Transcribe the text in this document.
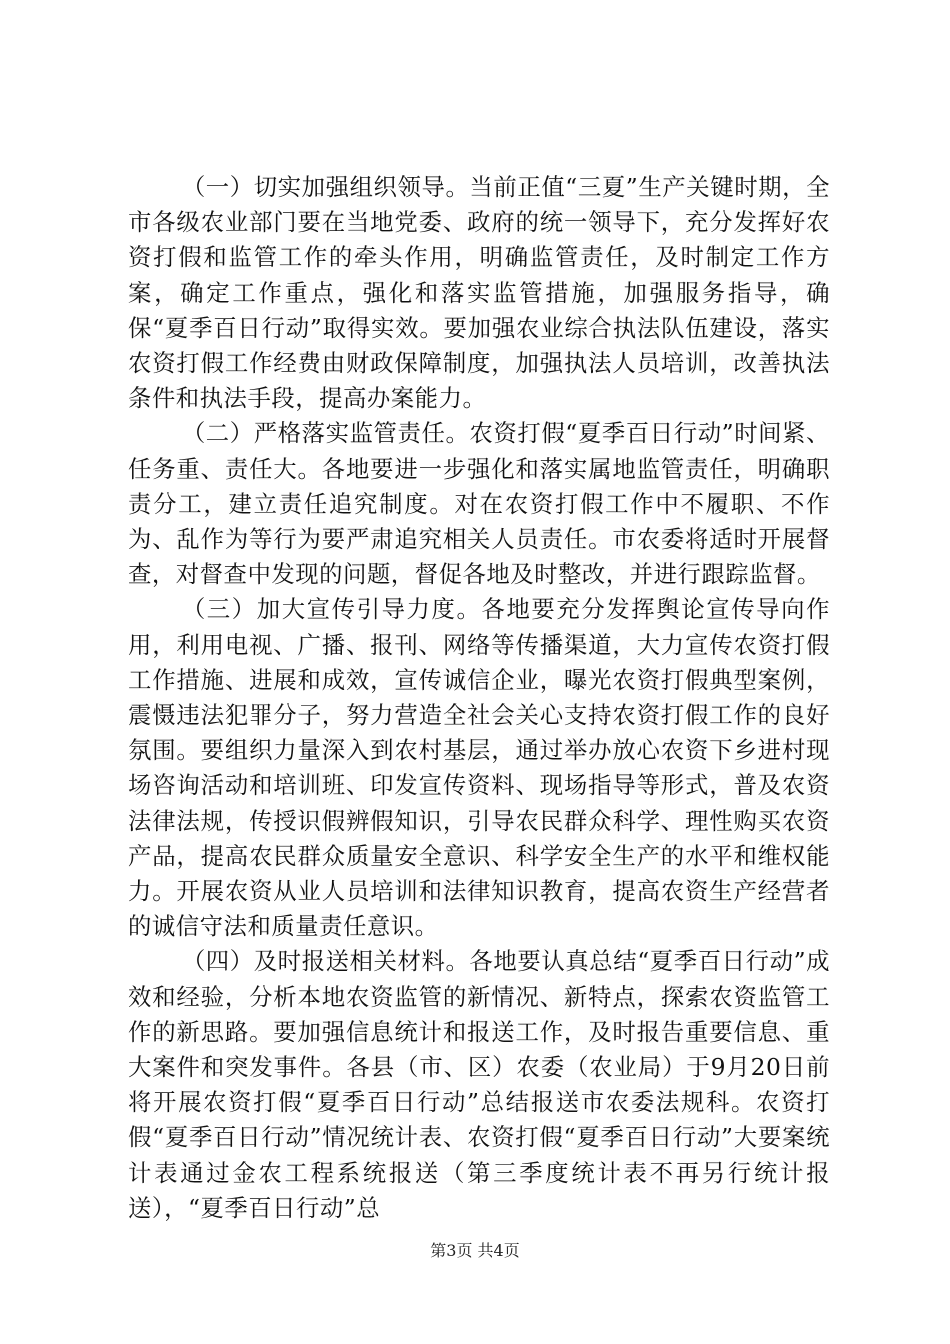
（一）切实加强组织领导。当前正值“三夏”生产关键时期，全市各级农业部门要在当地党委、政府的统一领导下，充分发挥好农资打假和监管工作的牵头作用，明确监管责任，及时制定工作方案，确定工作重点，强化和落实监管措施，加强服务指导，确保“夏季百日行动”取得实效。要加强农业综合执法队伍建设，落实农资打假工作经费由财政保障制度，加强执法人员培训，改善执法条件和执法手段，提高办案能力。

（二）严格落实监管责任。农资打假“夏季百日行动”时间紧、任务重、责任大。各地要进一步强化和落实属地监管责任，明确职责分工，建立责任追究制度。对在农资打假工作中不履职、不作为、乱作为等行为要严肃追究相关人员责任。市农委将适时开展督查，对督查中发现的问题，督促各地及时整改，并进行跟踪监督。

（三）加大宣传引导力度。各地要充分发挥舆论宣传导向作用，利用电视、广播、报刊、网络等传播渠道，大力宣传农资打假工作措施、进展和成效，宣传诚信企业，曝光农资打假典型案例，震慑违法犯罪分子，努力营造全社会关心支持农资打假工作的良好氛围。要组织力量深入到农村基层，通过举办放心农资下乡进村现场咨询活动和培训班、印发宣传资料、现场指导等形式，普及农资法律法规，传授识假辨假知识，引导农民群众科学、理性购买农资产品，提高农民群众质量安全意识、科学安全生产的水平和维权能力。开展农资从业人员培训和法律知识教育，提高农资生产经营者的诚信守法和质量责任意识。

（四）及时报送相关材料。各地要认真总结“夏季百日行动”成效和经验，分析本地农资监管的新情况、新特点，探索农资监管工作的新思路。要加强信息统计和报送工作，及时报告重要信息、重大案件和突发事件。各县（市、区）农委（农业局）于9月20日前将开展农资打假“夏季百日行动”总结报送市农委法规科。农资打假“夏季百日行动”情况统计表、农资打假“夏季百日行动”大要案统计表通过金农工程系统报送（第三季度统计表不再另行统计报送），“夏季百日行动”总

第3页 共4页
